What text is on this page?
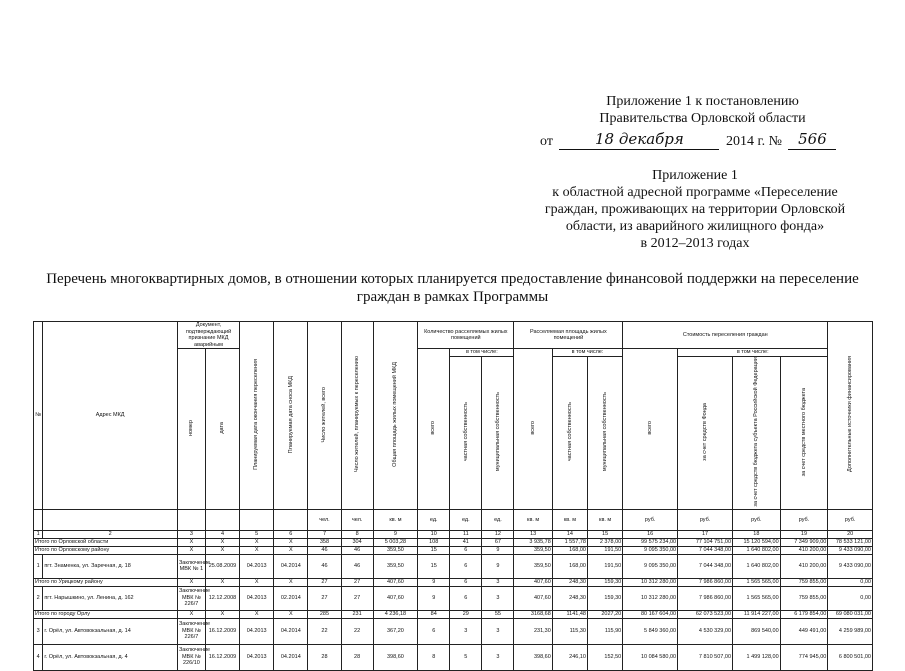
Приложение 1 к постановлению
Правительства Орловской области
от	18 декабря	2014 г. № 566
Приложение 1
к областной адресной программе «Переселение
граждан, проживающих на территории Орловской
области, из аварийного жилищного фонда»
в 2012–2013 годах
Перечень многоквартирных домов, в отношении которых планируется предоставление финансовой поддержки на переселение
граждан в рамках Программы
№	Адрес МКД	Документ, подтверждающий признание МКД аварийным		Планируемая дата окончания переселения	Планируемая дата сноса МКД	Число жителей, всего	Число жителей, планируемых к переселению	Общая площадь жилых помещений МКД	Количество расселяемых жилых помещений			Расселяемая площадь жилых помещений			Стоимость переселения граждан				Дополнительные источники финансирования
		номер	дата						всего	в том числе:		всего	в том числе:		всего	в том числе:			
										частная собственность	муниципальная собственность		частная собственность	муниципальная собственность		за счет средств Фонда	за счет средств бюджета субъекта Российской Федерации	за счет средств местного бюджета	
						чел.	чел.	кв. м	ед.	ед.	ед.	кв. м	кв. м	кв. м	руб.	руб.	руб.	руб.	руб.
1	2	3	4	5	6	7	8	9	10	11	12	13	14	15	16	17	18	19	20
Итого по Орловской области		Х	Х	Х	Х	358	304	5 003,28	108	41	67	3 935,78	1 557,78	2 378,00	99 575 234,00	77 104 751,00	15 120 594,00	7 349 909,00	78 533 121,00
Итого по Орловскому району		Х	Х	Х	Х	46	46	359,50	15	6	9	359,50	168,00	191,50	9 095 350,00	7 044 348,00	1 640 802,00	410 200,00	9 433 090,00
1	пгт. Знаменка, ул. Заречная, д. 18	Заключение МВК № 1	25.08.2009	04.2013	04.2014	46	46	359,50	15	6	9	359,50	168,00	191,50	9 095 350,00	7 044 348,00	1 640 802,00	410 200,00	9 433 090,00
Итого по Урицкому району		Х	Х	Х	Х	27	27	407,60	9	6	3	407,60	248,30	159,30	10 312 280,00	7 986 860,00	1 565 565,00	759 855,00	0,00
2	пгт. Нарышкино, ул. Ленина, д. 162	Заключение МВК № 226/7	12.12.2008	04.2013	02.2014	27	27	407,60	9	6	3	407,60	248,30	159,30	10 312 280,00	7 986 860,00	1 565 565,00	759 855,00	0,00
Итого по городу Орлу		Х	Х	Х	Х	285	231	4 236,18	84	29	55	3168,68	1141,48	2027,20	80 167 604,00	62 073 523,00	11 914 227,00	6 179 854,00	69 080 031,00
3	г. Орёл, ул. Автовокзальная, д. 14	Заключение МВК № 226/7	16.12.2009	04.2013	04.2014	22	22	367,20	6	3	3	231,30	115,30	115,90	5 849 360,00	4 530 329,00	869 540,00	449 491,00	4 259 989,00
4	г. Орёл, ул. Автовокзальная, д. 4	Заключение МВК № 226/10	16.12.2009	04.2013	04.2014	28	28	398,60	8	5	3	398,60	246,10	152,50	10 084 580,00	7 810 507,00	1 499 128,00	774 945,00	6 800 501,00
